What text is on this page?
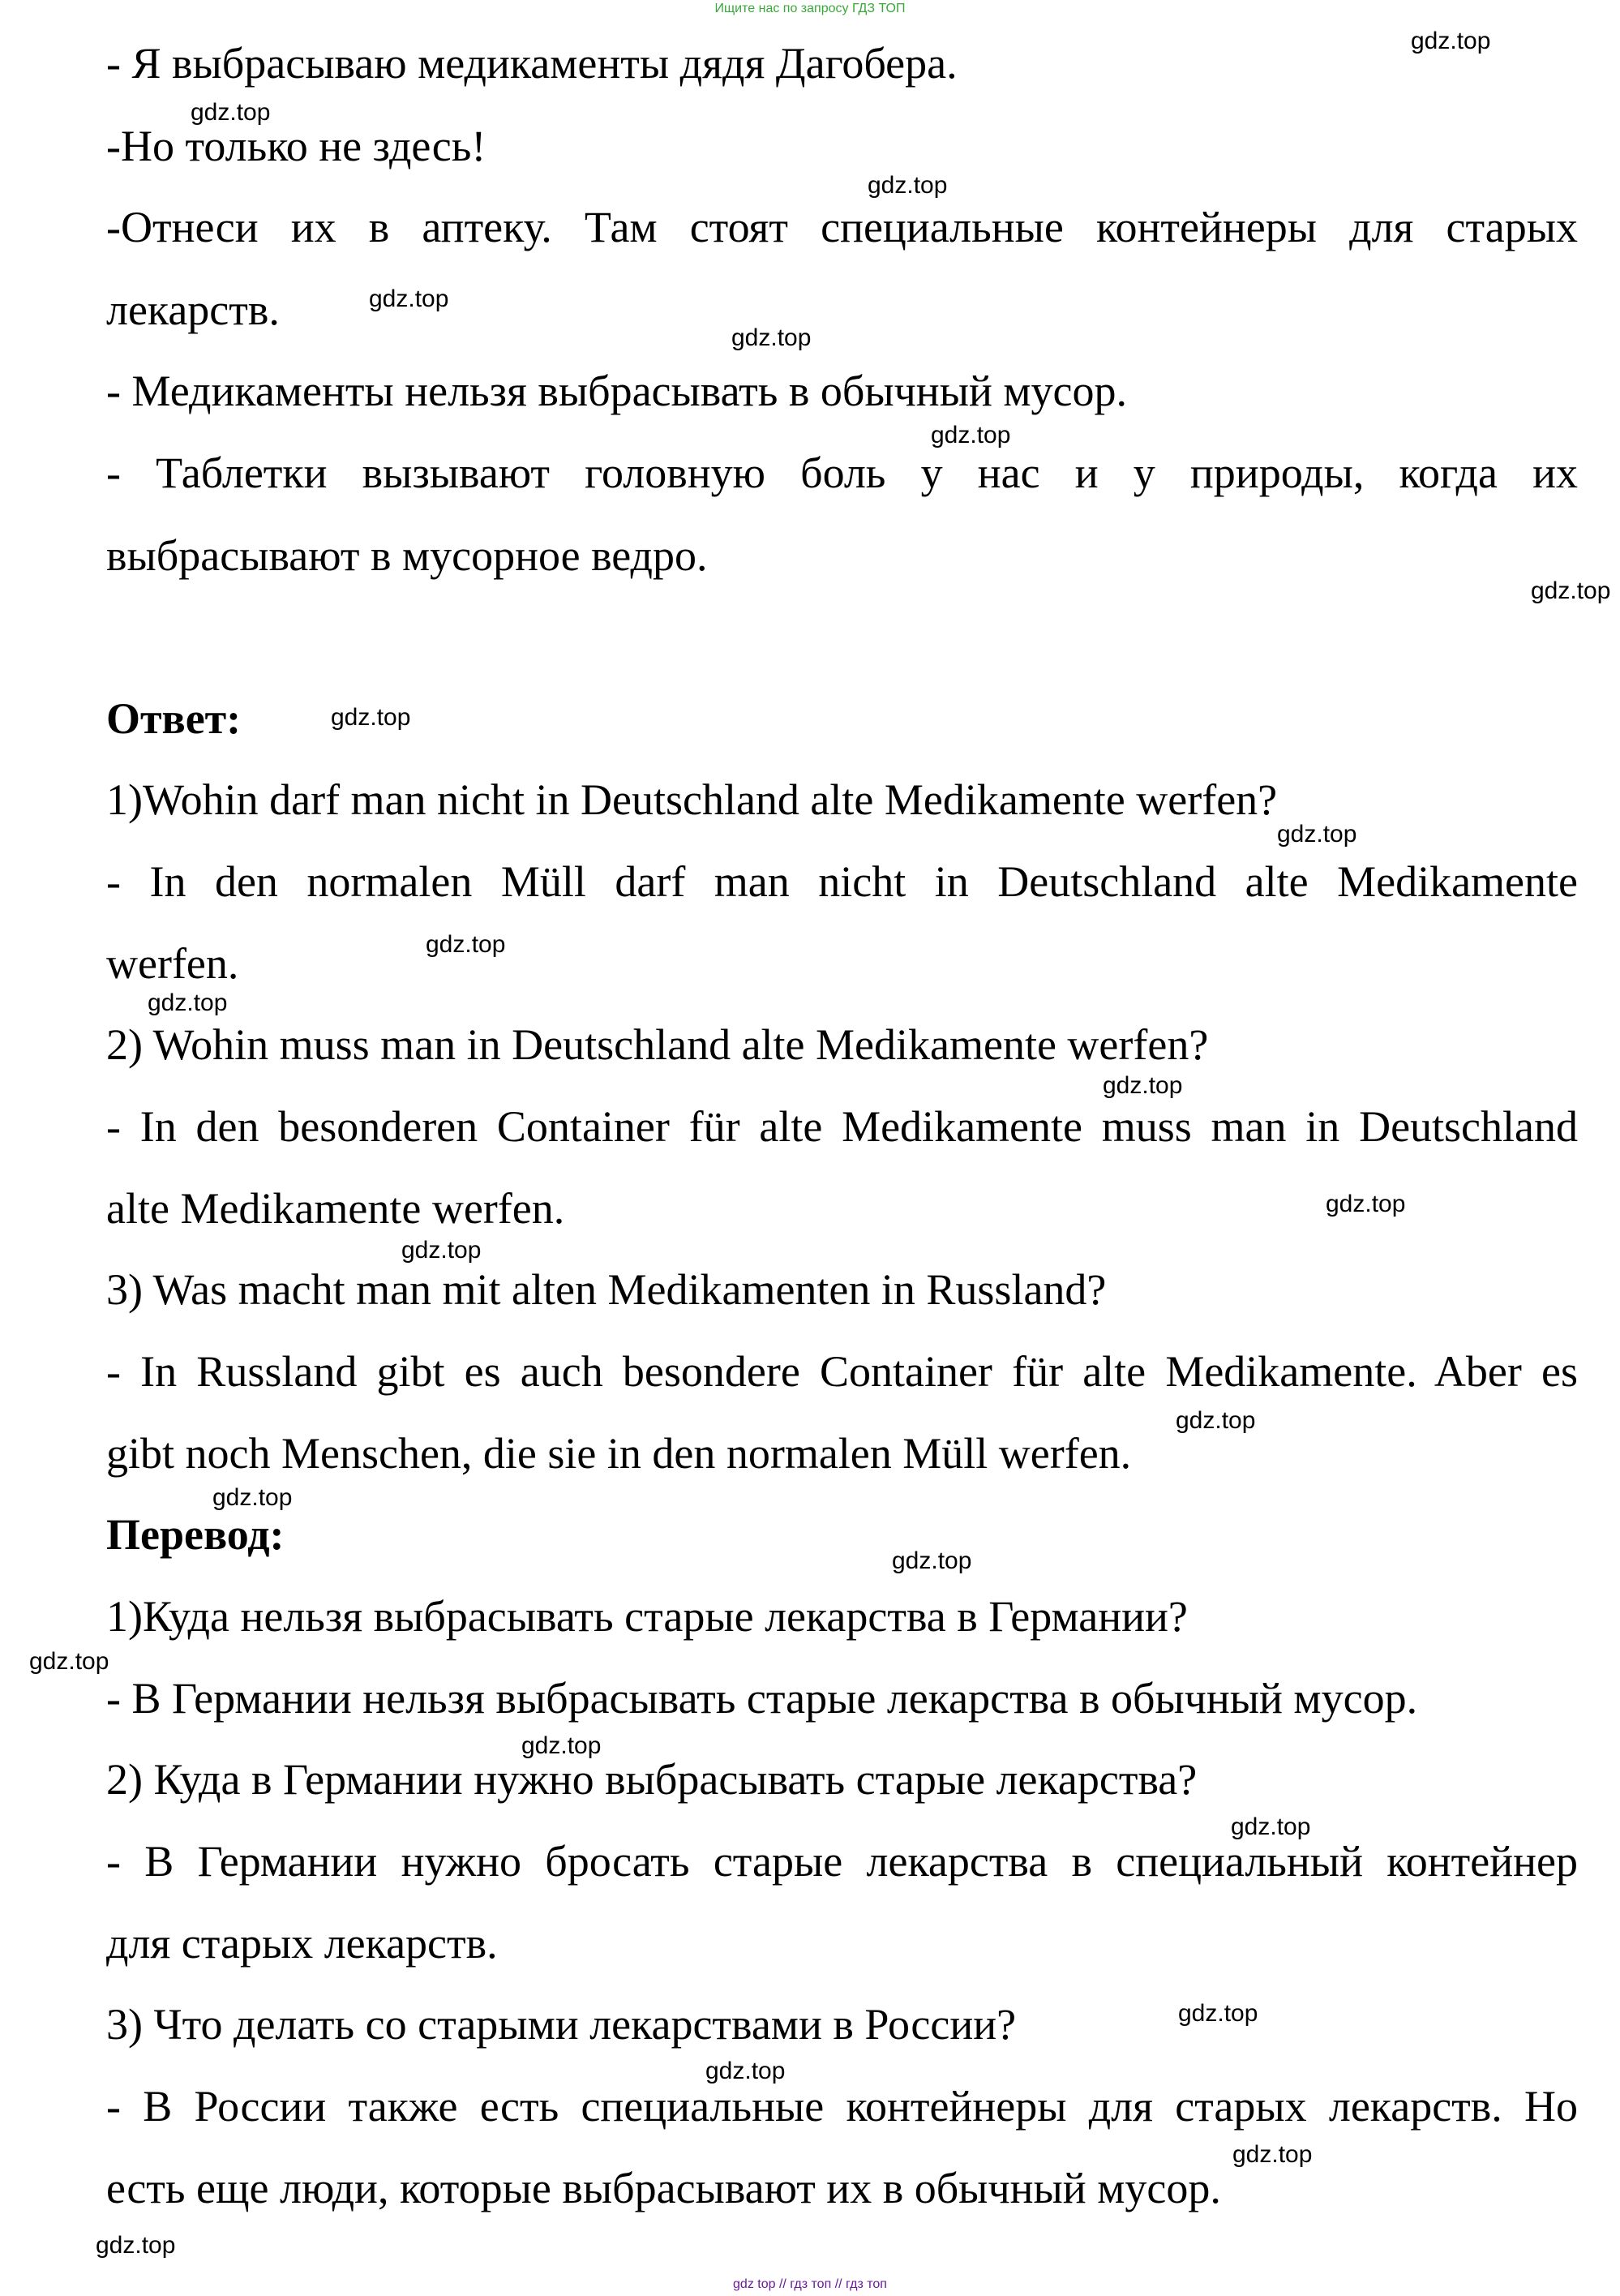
Ищите нас по запросу ГДЗ ТОП
- Я выбрасываю медикаменты дядя Дагобера.
-Но только не здесь!
-Отнеси их в аптеку. Там стоят специальные контейнеры для старых
лекарств.
- Медикаменты нельзя выбрасывать в обычный мусор.
- Таблетки вызывают головную боль у нас и у природы, когда их
выбрасывают в мусорное ведро.
Ответ:
1)Wohin darf man nicht in Deutschland alte Medikamente werfen?
- In den normalen Müll darf man nicht in Deutschland alte Medikamente
werfen.
2) Wohin muss man in Deutschland alte Medikamente werfen?
- In den besonderen Container für alte Medikamente muss man in Deutschland
alte Medikamente werfen.
3) Was macht man mit alten Medikamenten in Russland?
- In Russland gibt es auch besondere Container für alte Medikamente. Aber es
gibt noch Menschen, die sie in den normalen Müll werfen.
Перевод:
1)Куда нельзя выбрасывать старые лекарства в Германии?
- В Германии нельзя выбрасывать старые лекарства в обычный мусор.
2) Куда в Германии нужно выбрасывать старые лекарства?
- В Германии нужно бросать старые лекарства в специальный контейнер
для старых лекарств.
3) Что делать со старыми лекарствами в России?
- В России также есть специальные контейнеры для старых лекарств. Но
есть еще люди, которые выбрасывают их в обычный мусор.
gdz.top
gdz.top
gdz.top
gdz.top
gdz.top
gdz.top
gdz.top
gdz.top
gdz.top
gdz.top
gdz.top
gdz.top
gdz.top
gdz.top
gdz.top
gdz.top
gdz.top
gdz.top
gdz.top
gdz.top
gdz.top
gdz.top
gdz.top
gdz.top
gdz top // гдз топ // гдз топ
